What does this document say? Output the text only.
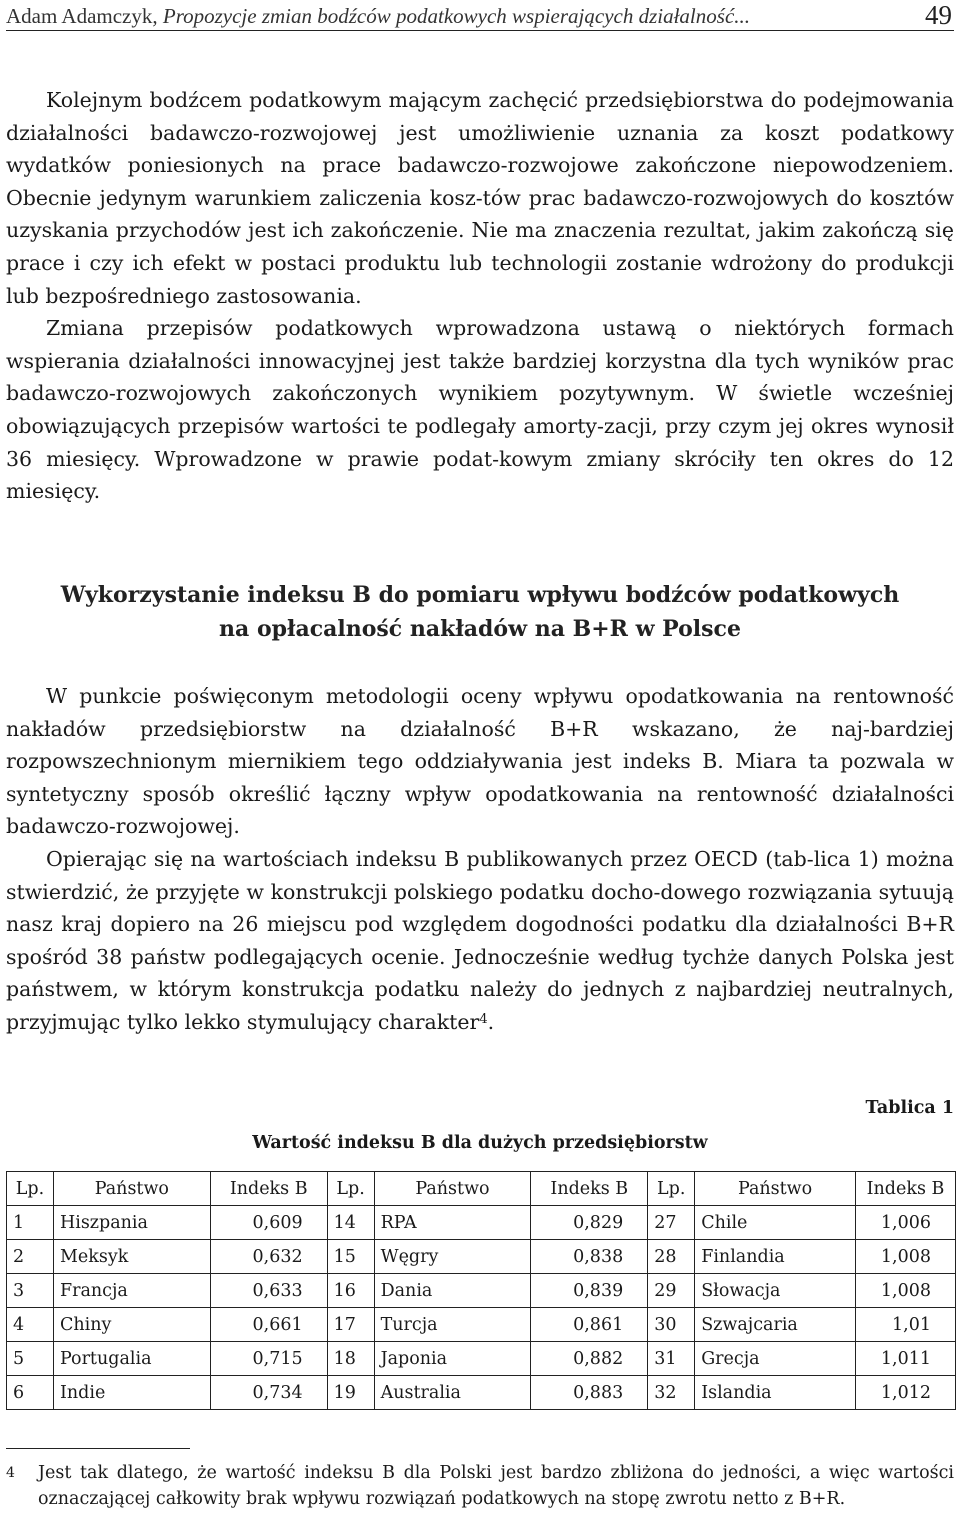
Adam Adamczyk, Propozycje zmian bodźców podatkowych wspierających działalność...	49

Kolejnym bodźcem podatkowym mającym zachęcić przedsiębiorstwa do podejmowania działalności badawczo-rozwojowej jest umożliwienie uznania za koszt podatkowy wydatków poniesionych na prace badawczo-rozwojowe zakończone niepowodzeniem. Obecnie jedynym warunkiem zaliczenia kosz-tów prac badawczo-rozwojowych do kosztów uzyskania przychodów jest ich zakończenie. Nie ma znaczenia rezultat, jakim zakończą się prace i czy ich efekt w postaci produktu lub technologii zostanie wdrożony do produkcji lub bezpośredniego zastosowania.

Zmiana przepisów podatkowych wprowadzona ustawą o niektórych formach wspierania działalności innowacyjnej jest także bardziej korzystna dla tych wyników prac badawczo-rozwojowych zakończonych wynikiem pozytywnym. W świetle wcześniej obowiązujących przepisów wartości te podlegały amorty-zacji, przy czym jej okres wynosił 36 miesięcy. Wprowadzone w prawie podat-kowym zmiany skróciły ten okres do 12 miesięcy.

Wykorzystanie indeksu B do pomiaru wpływu bodźców podatkowych
na opłacalność nakładów na B+R w Polsce

W punkcie poświęconym metodologii oceny wpływu opodatkowania na rentowność nakładów przedsiębiorstw na działalność B+R wskazano, że naj-bardziej rozpowszechnionym miernikiem tego oddziaływania jest indeks B. Miara ta pozwala w syntetyczny sposób określić łączny wpływ opodatkowania na rentowność działalności badawczo-rozwojowej.

Opierając się na wartościach indeksu B publikowanych przez OECD (tab-lica 1) można stwierdzić, że przyjęte w konstrukcji polskiego podatku docho-dowego rozwiązania sytuują nasz kraj dopiero na 26 miejscu pod względem dogodności podatku dla działalności B+R spośród 38 państw podlegających ocenie. Jednocześnie według tychże danych Polska jest państwem, w którym konstrukcja podatku należy do jednych z najbardziej neutralnych, przyjmując tylko lekko stymulujący charakter$^4$.

Tablica 1
Wartość indeksu B dla dużych przedsiębiorstw
Lp.	Państwo	Indeks B	Lp.	Państwo	Indeks B	Lp.	Państwo	Indeks B
1	Hiszpania	0,609	14	RPA	0,829	27	Chile	1,006
2	Meksyk	0,632	15	Węgry	0,838	28	Finlandia	1,008
3	Francja	0,633	16	Dania	0,839	29	Słowacja	1,008
4	Chiny	0,661	17	Turcja	0,861	30	Szwajcaria	1,01
5	Portugalia	0,715	18	Japonia	0,882	31	Grecja	1,011
6	Indie	0,734	19	Australia	0,883	32	Islandia	1,012
4 Jest tak dlatego, że wartość indeksu B dla Polski jest bardzo zbliżona do jedności, a więc wartości oznaczającej całkowity brak wpływu rozwiązań podatkowych na stopę zwrotu netto z B+R.
